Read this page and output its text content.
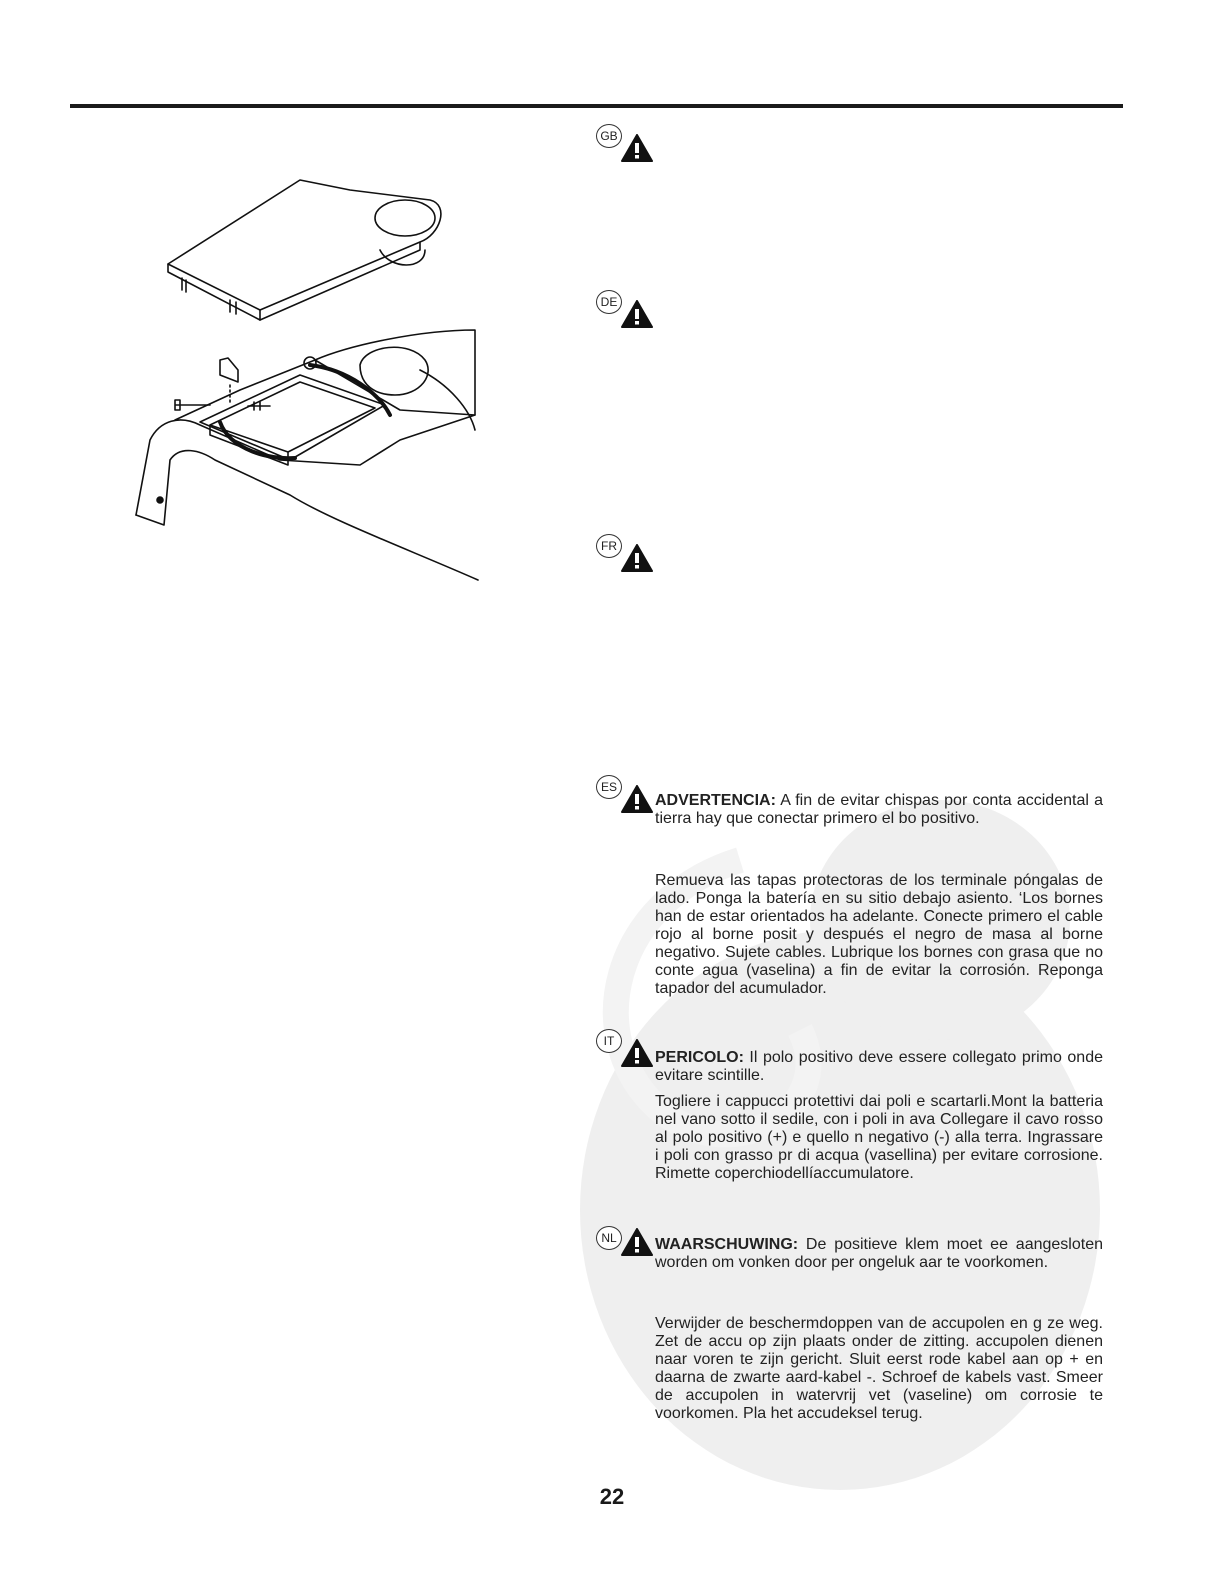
GB
DE
FR
ES

ADVERTENCIA: A fin de evitar chispas por conta accidental a tierra hay que conectar primero el bo positivo.

Remueva las tapas protectoras de los terminale póngalas de lado. Ponga la batería en su sitio debajo asiento. ‘Los bornes han de estar orientados ha adelante. Conecte primero el cable rojo al borne posit y después el negro de masa al borne negativo. Sujete cables. Lubrique los bornes con grasa que no conte agua (vaselina) a fin de evitar la corrosión. Reponga tapador del acumulador.

IT

PERICOLO: Il polo positivo deve essere collegato primo onde evitare scintille.

Togliere i cappucci protettivi dai poli e scartarli.Mont la batteria nel vano sotto il sedile, con i poli in ava Collegare il cavo rosso al polo positivo (+) e quello n negativo (-) alla terra. Ingrassare i poli con grasso pr di acqua (vasellina) per evitare corrosione. Rimette coperchiodellíaccumulatore.

NL	WAARSCHUWING: De positieve klem moet ee aangesloten worden om vonken door per ongeluk aar te voorkomen.

Verwijder de beschermdoppen van de accupolen en g ze weg. Zet de accu op zijn plaats onder de zitting. accupolen dienen naar voren te zijn gericht. Sluit eerst rode kabel aan op + en daarna de zwarte aard-kabel -. Schroef de kabels vast. Smeer de accupolen in watervrij vet (vaseline) om corrosie te voorkomen. Pla het accudeksel terug.

22
